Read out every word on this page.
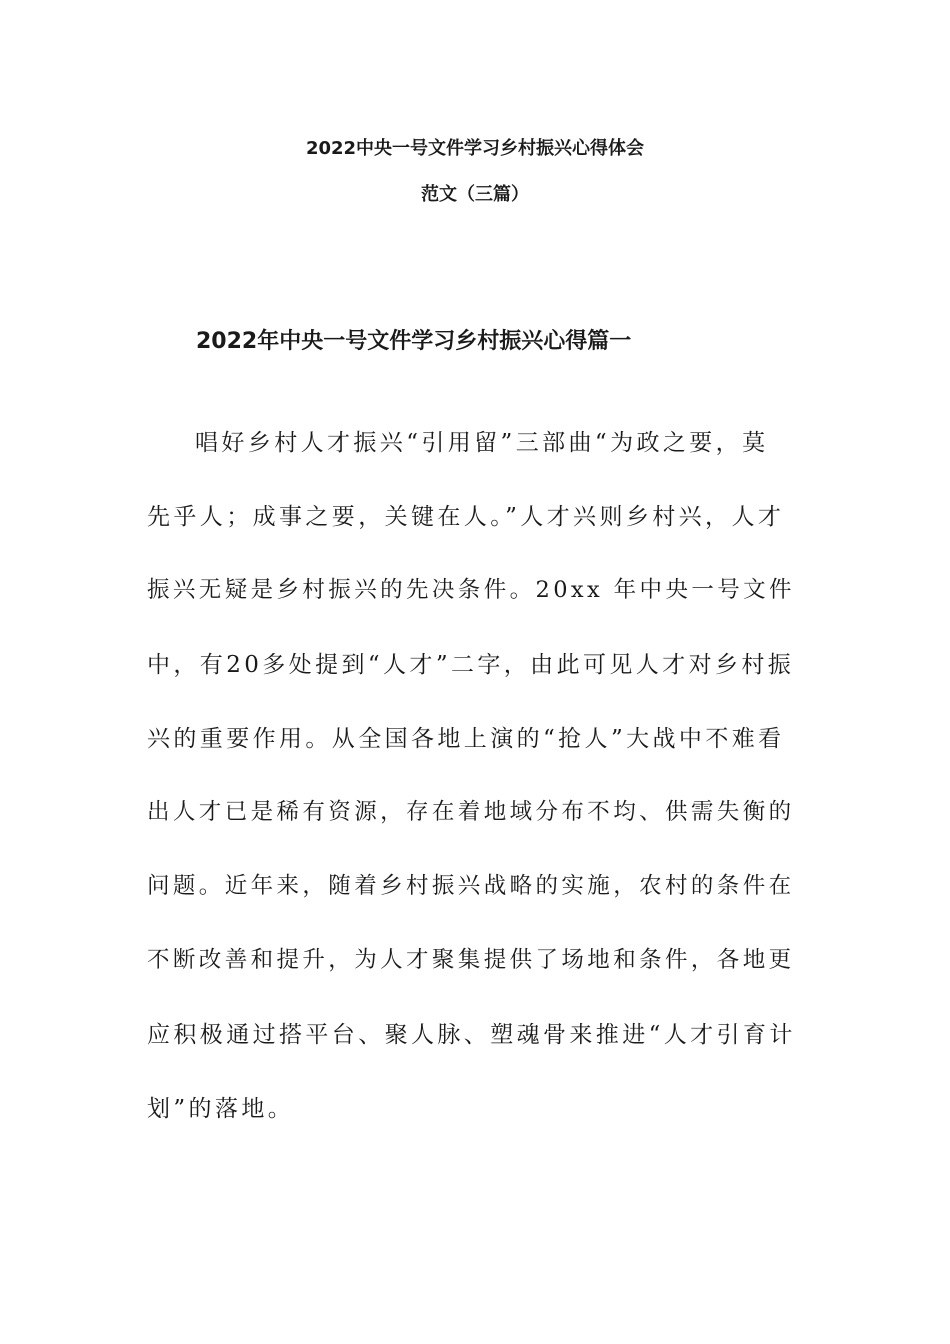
2022中央一号文件学习乡村振兴心得体会
范文（三篇）
2022年中央一号文件学习乡村振兴心得篇一
唱好乡村人才振兴“引用留”三部曲“为政之要，莫
先乎人；成事之要，关键在人。”人才兴则乡村兴，人才
振兴无疑是乡村振兴的先决条件。20xx 年中央一号文件
中，有20多处提到“人才”二字，由此可见人才对乡村振
兴的重要作用。从全国各地上演的“抢人”大战中不难看
出人才已是稀有资源，存在着地域分布不均、供需失衡的
问题。近年来，随着乡村振兴战略的实施，农村的条件在
不断改善和提升，为人才聚集提供了场地和条件，各地更
应积极通过搭平台、聚人脉、塑魂骨来推进“人才引育计
划”的落地。
